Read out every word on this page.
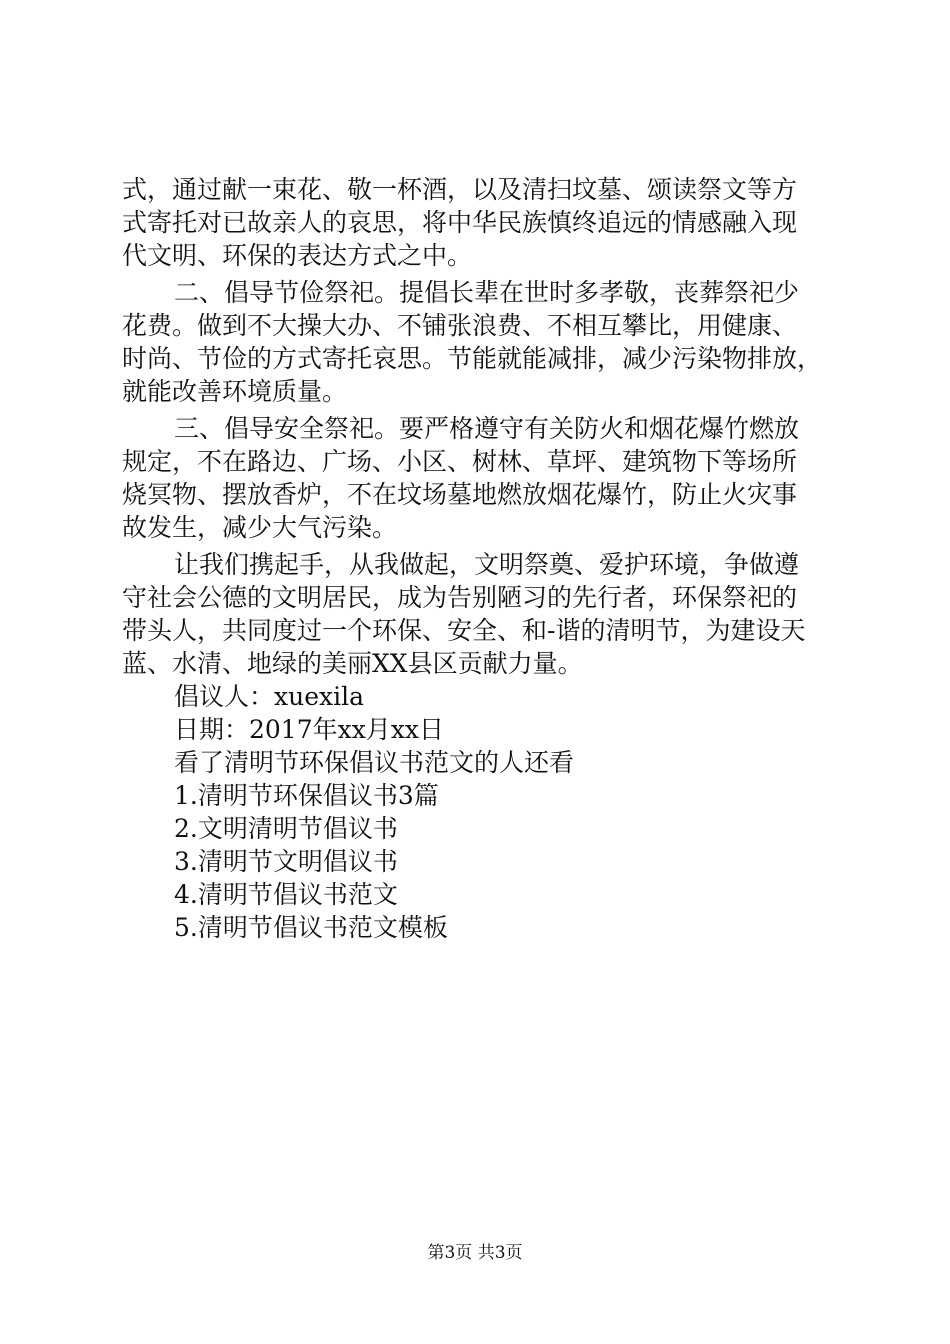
式，通过献一束花、敬一杯酒，以及清扫坟墓、颂读祭文等方
式寄托对已故亲人的哀思，将中华民族慎终追远的情感融入现
代文明、环保的表达方式之中。
二、倡导节俭祭祀。提倡长辈在世时多孝敬，丧葬祭祀少
花费。做到不大操大办、不铺张浪费、不相互攀比，用健康、
时尚、节俭的方式寄托哀思。节能就能减排，减少污染物排放，
就能改善环境质量。
三、倡导安全祭祀。要严格遵守有关防火和烟花爆竹燃放
规定，不在路边、广场、小区、树林、草坪、建筑物下等场所
烧冥物、摆放香炉，不在坟场墓地燃放烟花爆竹，防止火灾事
故发生，减少大气污染。
让我们携起手，从我做起，文明祭奠、爱护环境，争做遵
守社会公德的文明居民，成为告别陋习的先行者，环保祭祀的
带头人，共同度过一个环保、安全、和-谐的清明节，为建设天
蓝、水清、地绿的美丽XX县区贡献力量。
倡议人：xuexila
日期：2017年xx月xx日
看了清明节环保倡议书范文的人还看
1.清明节环保倡议书3篇
2.文明清明节倡议书
3.清明节文明倡议书
4.清明节倡议书范文
5.清明节倡议书范文模板
第3页 共3页
